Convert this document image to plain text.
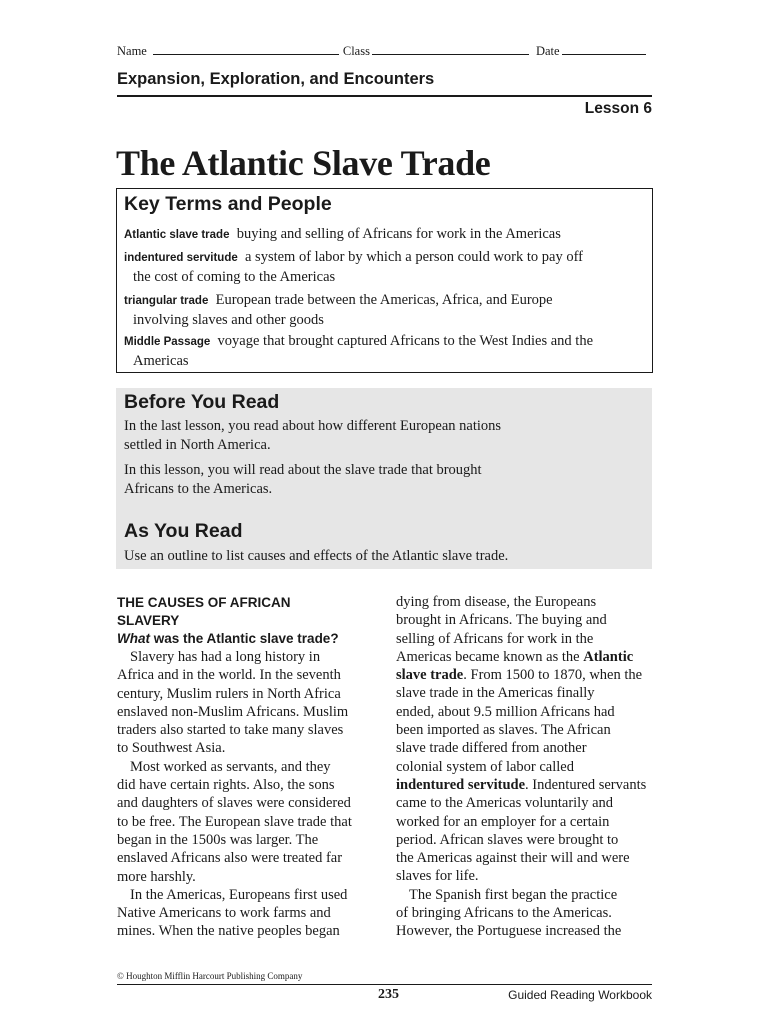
Name	Class	Date
Expansion, Exploration, and Encounters
Lesson 6
The Atlantic Slave Trade
Key Terms and People
Atlantic slave trade buying and selling of Africans for work in the Americas
indentured servitude a system of labor by which a person could work to pay off
the cost of coming to the Americas
triangular trade European trade between the Americas, Africa, and Europe
involving slaves and other goods
Middle Passage voyage that brought captured Africans to the West Indies and the
Americas
Before You Read
In the last lesson, you read about how different European nations
settled in North America.
In this lesson, you will read about the slave trade that brought
Africans to the Americas.
As You Read
Use an outline to list causes and effects of the Atlantic slave trade.
THE CAUSES OF AFRICAN
SLAVERY
What was the Atlantic slave trade?
Slavery has had a long history in
Africa and in the world. In the seventh
century, Muslim rulers in North Africa
enslaved non-Muslim Africans. Muslim
traders also started to take many slaves
to Southwest Asia.
Most worked as servants, and they
did have certain rights. Also, the sons
and daughters of slaves were considered
to be free. The European slave trade that
began in the 1500s was larger. The
enslaved Africans also were treated far
more harshly.
In the Americas, Europeans first used
Native Americans to work farms and
mines. When the native peoples began
dying from disease, the Europeans
brought in Africans. The buying and
selling of Africans for work in the
Americas became known as the Atlantic
slave trade. From 1500 to 1870, when the
slave trade in the Americas finally
ended, about 9.5 million Africans had
been imported as slaves. The African
slave trade differed from another
colonial system of labor called
indentured servitude. Indentured servants
came to the Americas voluntarily and
worked for an employer for a certain
period. African slaves were brought to
the Americas against their will and were
slaves for life.
The Spanish first began the practice
of bringing Africans to the Americas.
However, the Portuguese increased the
© Houghton Mifflin Harcourt Publishing Company
235	Guided Reading Workbook
